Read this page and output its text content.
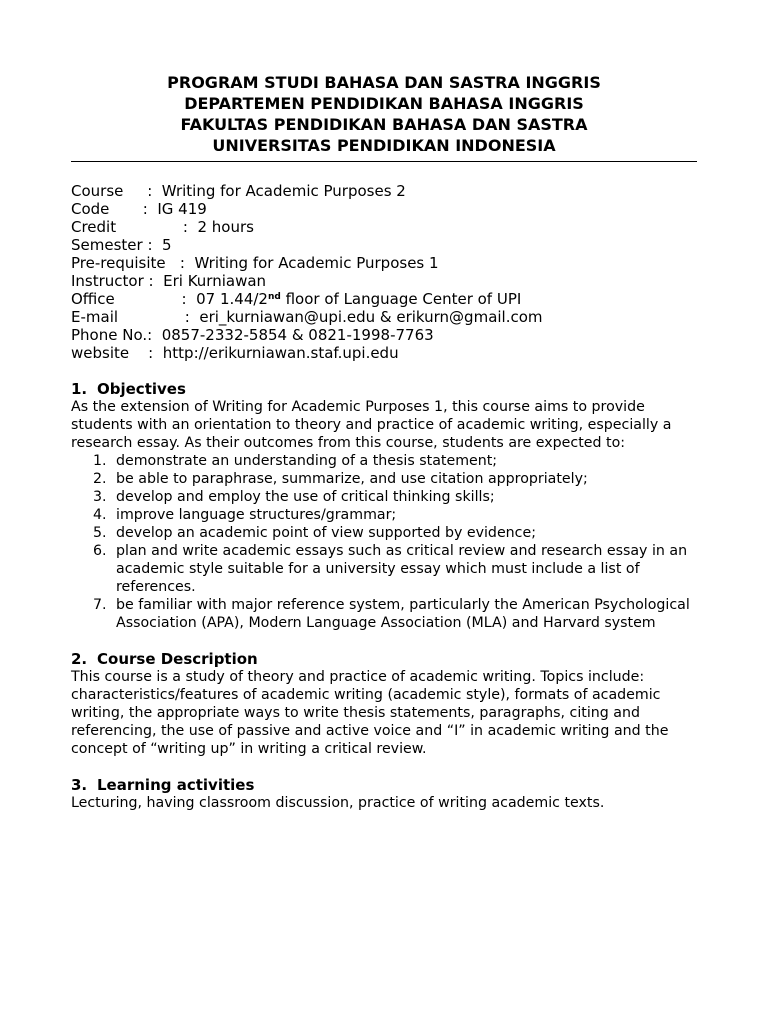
PROGRAM STUDI BAHASA DAN SASTRA INGGRIS
DEPARTEMEN PENDIDIKAN BAHASA INGGRIS
FAKULTAS PENDIDIKAN BAHASA DAN SASTRA
UNIVERSITAS PENDIDIKAN INDONESIA
Course     :  Writing for Academic Purposes 2
Code       :  IG 419
Credit              :  2 hours
Semester :  5
Pre-requisite   :  Writing for Academic Purposes 1
Instructor :  Eri Kurniawan
Office              :  07 1.44/2nd floor of Language Center of UPI
E-mail              :  eri_kurniawan@upi.edu & erikurn@gmail.com
Phone No.:  0857-2332-5854 & 0821-1998-7763
website    :  http://erikurniawan.staf.upi.edu
1. Objectives

As the extension of Writing for Academic Purposes 1, this course aims to provide students with an orientation to theory and practice of academic writing, especially a research essay. As their outcomes from this course, students are expected to:

1. demonstrate an understanding of a thesis statement;
2. be able to paraphrase, summarize, and use citation appropriately;
3. develop and employ the use of critical thinking skills;
4. improve language structures/grammar;
5. develop an academic point of view supported by evidence;
6. plan and write academic essays such as critical review and research essay in an academic style suitable for a university essay which must include a list of references.
7. be familiar with major reference system, particularly the American Psychological Association (APA), Modern Language Association (MLA) and Harvard system
2. Course Description

This course is a study of theory and practice of academic writing. Topics include: characteristics/features of academic writing (academic style), formats of academic writing, the appropriate ways to write thesis statements, paragraphs, citing and referencing, the use of passive and active voice and “I” in academic writing and the concept of “writing up” in writing a critical review.

3. Learning activities

Lecturing, having classroom discussion, practice of writing academic texts.
